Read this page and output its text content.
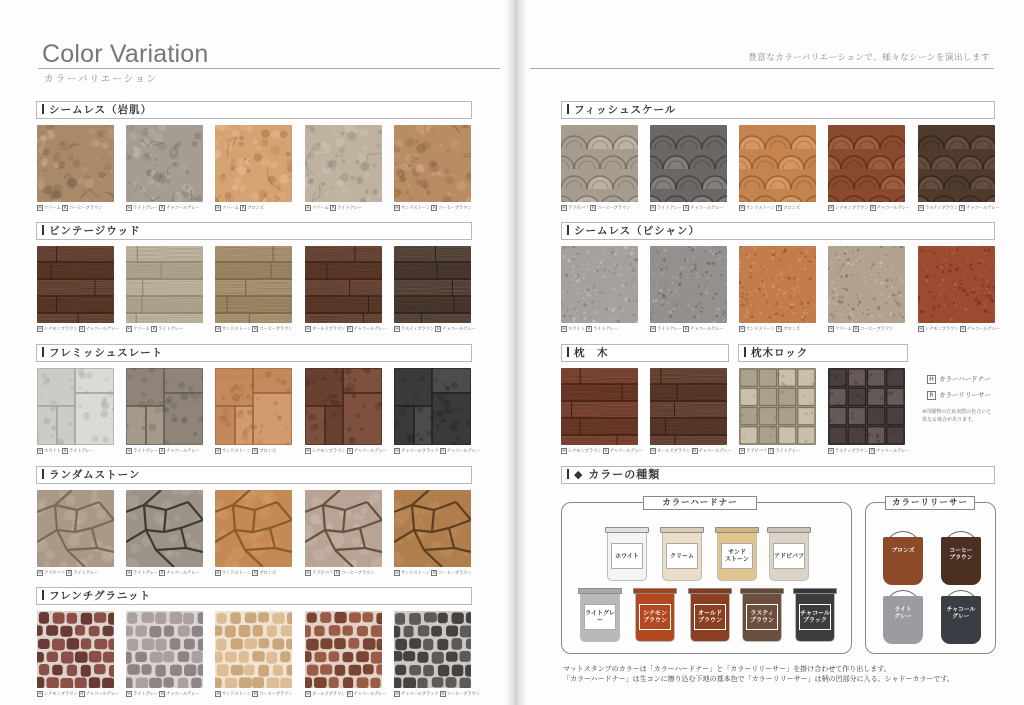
Color Variation
カラーバリエーション
豊富なカラーバリエーションで、様々なシーンを演出します
シームレス（岩肌）
H クリーム R コーヒーブラウン	H ライトグレー R チャコールグレー	H クリーム R ブロンズ	H クリーム R ライトグレー	H サンドストーン R コーヒーブラウン
ビンテージウッド
H シナモンブラウン R チャコールグレー	H クリーム R ライトグレー	H サンドストーン R コーヒーブラウン	H オールドブラウン R チャコールグレー	H ラスティブラウン R チャコールグレー
フレミッシュスレート
H ホワイト R ライトグレー	H ライトグレー R チャコールグレー	H サンドストーン R ブロンズ	H シナモンブラウン R チャコールグレー	H チャコールブラック R チャコールグレー
ランダムストーン
H アドビバフ R ライトグレー	H ライトグレー R チャコールグレー	H サンドストーン R ブロンズ	H アドビバフ R コーヒーブラウン	H サンドストーン R コーヒーブラウン
フレンチグラニット
H シナモンブラウン R チャコールグレー	H ライトグレー R チャコールグレー	H サンドストーン R コーヒーブラウン	H オールドブラウン R チャコールグレー	H チャコールブラック R コーヒーブラウン
フィッシュスケール
H アドビバフ R コーヒーブラウン	H ライトグレー R チャコールグレー	H サンドストーン R ブロンズ	H シナモンブラウン R チャコールグレー	H ラスティブラウン R チャコールグレー
シームレス（ピシャン）
H ホワイト R ライトグレー	H ライトグレー R チャコールグレー	H サンドストーン R ブロンズ	H クリーム R コーヒーブラウン	H シナモンブラウン R チャコールグレー
枕　木
H シナモンブラウン R チャコールグレー	H オールドブラウン R チャコールグレー
枕木ロック
H アドビバフ R ライトグレー	H ラスティブラウン R チャコールグレー
H カラーハードナー
R カラーリリーサー
※印刷物のため実際の色合いと
異なる場合があります。
◆ カラーの種類
カラーハードナー	カラーリリーサー
ホワイト	クリーム	サンド
ストーン	アドビバフ
ライトグレー
シナモン
ブラウン
オールド
ブラウン
ラスティ
ブラウン
チャコール
ブラック
ブロンズ	コーヒー
ブラウン
ライト
グレー
チャコール
グレー
マットスタンプのカラーは「カラーハードナー」と「カラーリリーサー」を掛け合わせて作り出します。
「カラーハードナー」は生コンに擦り込む下地の基本色で「カラーリリーサー」は柄の凹部分に入る、シャドーカラーです。
